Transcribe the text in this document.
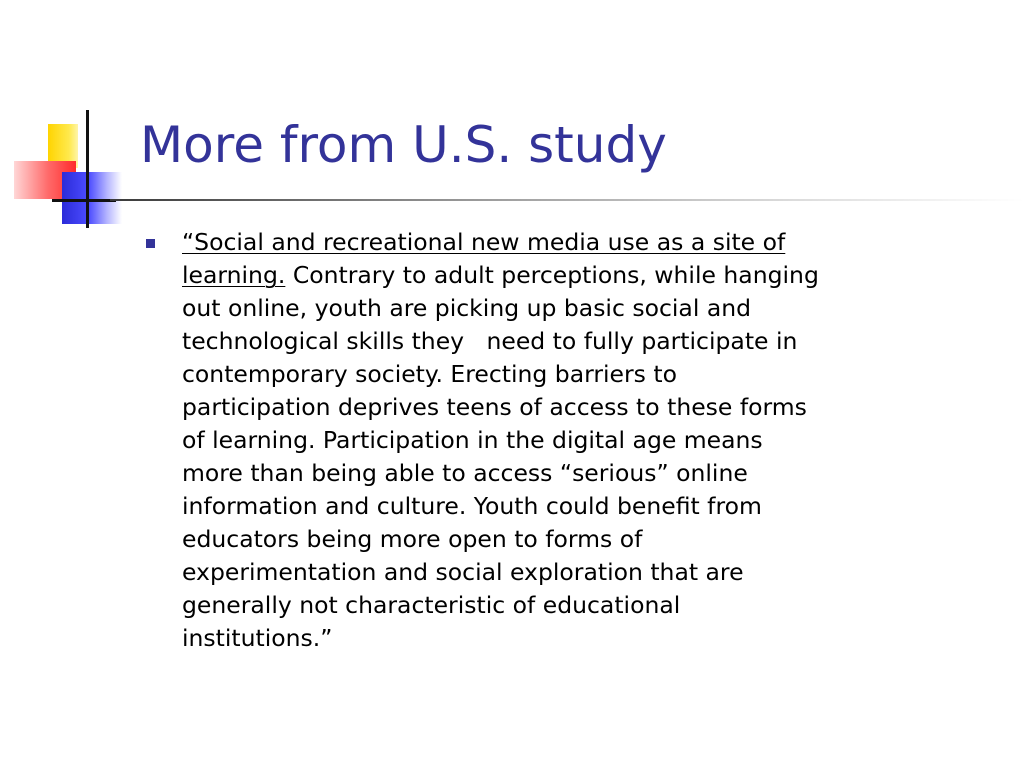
More from U.S. study
“Social and recreational new media use as a site of
learning. Contrary to adult perceptions, while hanging
out online, youth are picking up basic social and
technological skills they   need to fully participate in
contemporary society. Erecting barriers to
participation deprives teens of access to these forms
of learning. Participation in the digital age means
more than being able to access “serious” online
information and culture. Youth could benefit from
educators being more open to forms of
experimentation and social exploration that are
generally not characteristic of educational
institutions.”
